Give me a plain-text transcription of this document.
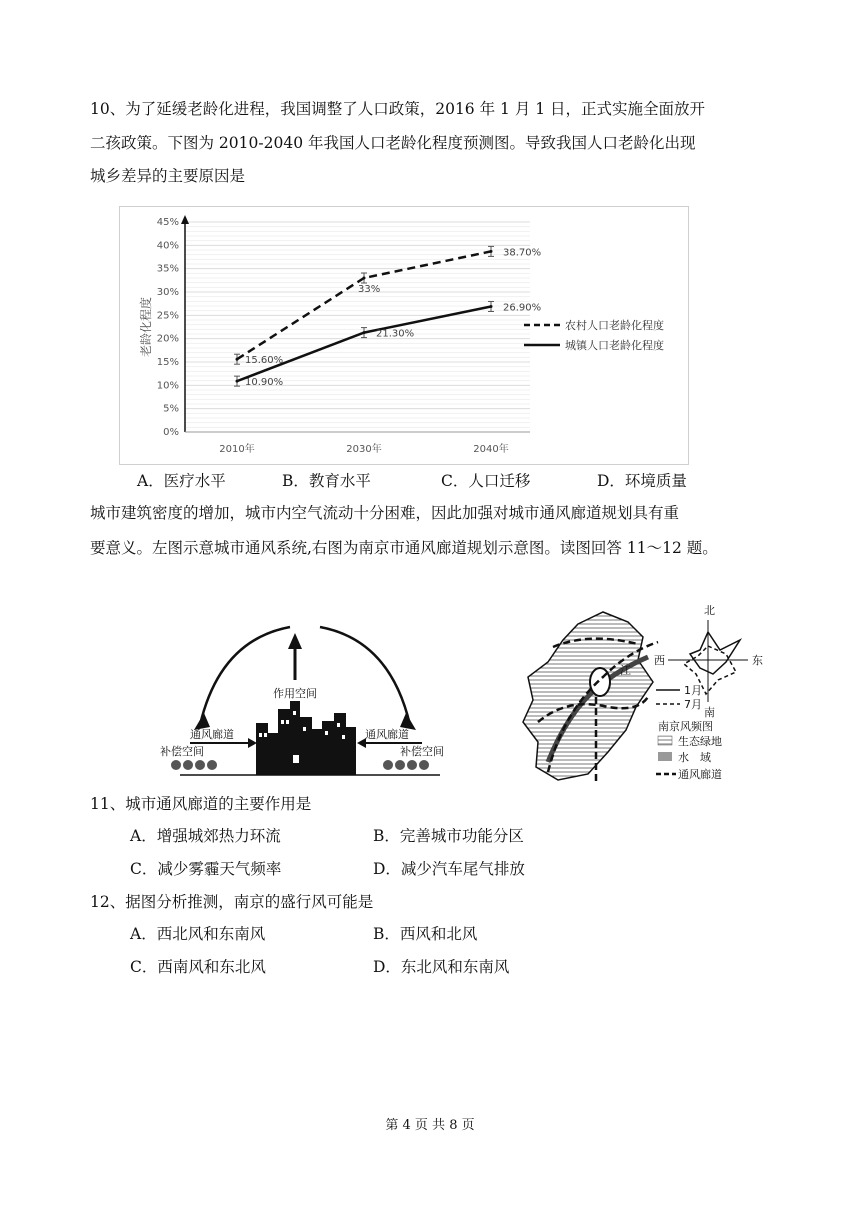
10、为了延缓老龄化进程，我国调整了人口政策，2016 年 1 月 1 日，正式实施全面放开
二孩政策。下图为 2010-2040 年我国人口老龄化程度预测图。导致我国人口老龄化出现
城乡差异的主要原因是
0%
5%
10%
15%
20%
25%
30%
35%
40%
45%
2010年	2030年	2040年
15.60%
33%
38.70%
10.90%
21.30%
26.90%
老龄化程度	农村人口老龄化程度
城镇人口老龄化程度
A．医疗水平	B．教育水平	C．人口迁移	D．环境质量
城市建筑密度的增加，城市内空气流动十分困难，因此加强对城市通风廊道规划具有重
要意义。左图示意城市通风系统,右图为南京市通风廊道规划示意图。读图回答 11～12 题。
作用空间
通风廊道	通风廊道
补偿空间	补偿空间
江
北
南
西	东
1月
7月
南京风频图
生态绿地
水　域
通风廊道
11、城市通风廊道的主要作用是
A．增强城郊热力环流	B．完善城市功能分区
C．减少雾霾天气频率	D．减少汽车尾气排放
12、据图分析推测，南京的盛行风可能是
A．西北风和东南风	B．西风和北风
C．西南风和东北风	D．东北风和东南风
第 4 页 共 8 页
